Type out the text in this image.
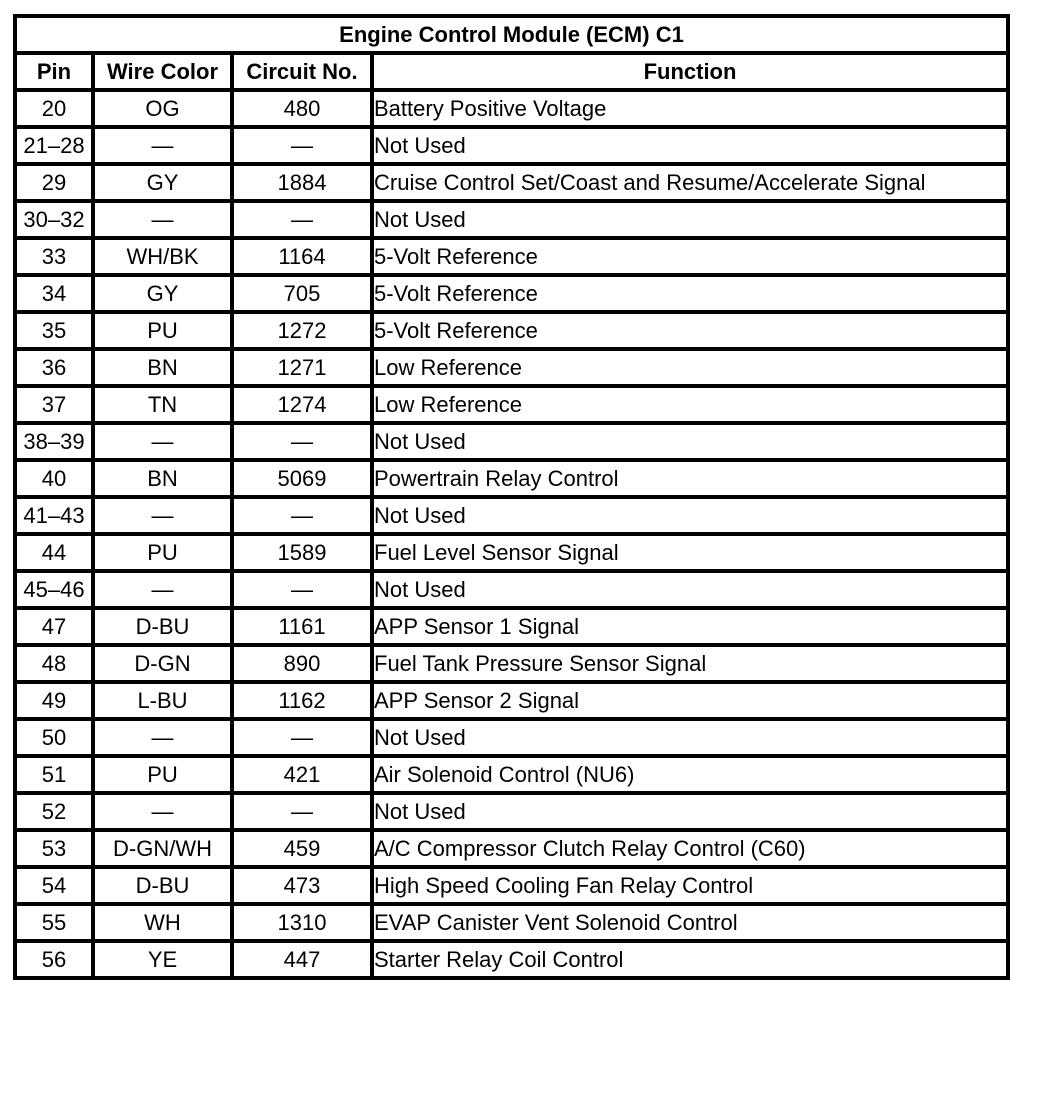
Engine Control Module (ECM) C1			
Pin	Wire Color	Circuit No.	Function
20	OG	480	Battery Positive Voltage
21–28	—	—	Not Used
29	GY	1884	Cruise Control Set/Coast and Resume/Accelerate Signal
30–32	—	—	Not Used
33	WH/BK	1164	5-Volt Reference
34	GY	705	5-Volt Reference
35	PU	1272	5-Volt Reference
36	BN	1271	Low Reference
37	TN	1274	Low Reference
38–39	—	—	Not Used
40	BN	5069	Powertrain Relay Control
41–43	—	—	Not Used
44	PU	1589	Fuel Level Sensor Signal
45–46	—	—	Not Used
47	D-BU	1161	APP Sensor 1 Signal
48	D-GN	890	Fuel Tank Pressure Sensor Signal
49	L-BU	1162	APP Sensor 2 Signal
50	—	—	Not Used
51	PU	421	Air Solenoid Control (NU6)
52	—	—	Not Used
53	D-GN/WH	459	A/C Compressor Clutch Relay Control (C60)
54	D-BU	473	High Speed Cooling Fan Relay Control
55	WH	1310	EVAP Canister Vent Solenoid Control
56	YE	447	Starter Relay Coil Control
